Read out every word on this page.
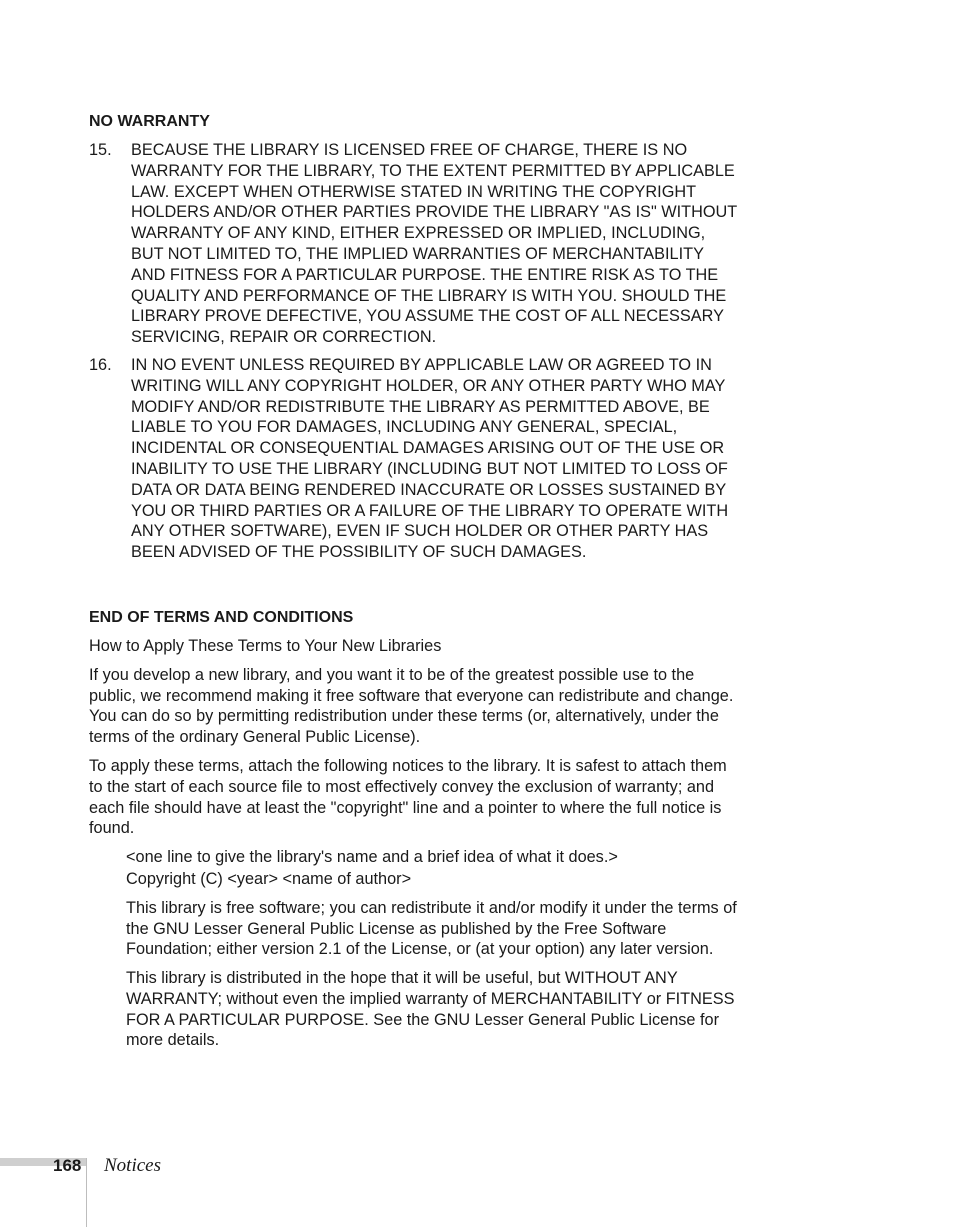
NO WARRANTY
15.	BECAUSE THE LIBRARY IS LICENSED FREE OF CHARGE, THERE IS NO WARRANTY FOR THE LIBRARY, TO THE EXTENT PERMITTED BY APPLICABLE LAW. EXCEPT WHEN OTHERWISE STATED IN WRITING THE COPYRIGHT HOLDERS AND/OR OTHER PARTIES PROVIDE THE LIBRARY "AS IS" WITHOUT WARRANTY OF ANY KIND, EITHER EXPRESSED OR IMPLIED, INCLUDING, BUT NOT LIMITED TO, THE IMPLIED WARRANTIES OF MERCHANTABILITY AND FITNESS FOR A PARTICULAR PURPOSE. THE ENTIRE RISK AS TO THE QUALITY AND PERFORMANCE OF THE LIBRARY IS WITH YOU. SHOULD THE LIBRARY PROVE DEFECTIVE, YOU ASSUME THE COST OF ALL NECESSARY SERVICING, REPAIR OR CORRECTION.
16.	IN NO EVENT UNLESS REQUIRED BY APPLICABLE LAW OR AGREED TO IN WRITING WILL ANY COPYRIGHT HOLDER, OR ANY OTHER PARTY WHO MAY MODIFY AND/OR REDISTRIBUTE THE LIBRARY AS PERMITTED ABOVE, BE LIABLE TO YOU FOR DAMAGES, INCLUDING ANY GENERAL, SPECIAL, INCIDENTAL OR CONSEQUENTIAL DAMAGES ARISING OUT OF THE USE OR INABILITY TO USE THE LIBRARY (INCLUDING BUT NOT LIMITED TO LOSS OF DATA OR DATA BEING RENDERED INACCURATE OR LOSSES SUSTAINED BY YOU OR THIRD PARTIES OR A FAILURE OF THE LIBRARY TO OPERATE WITH ANY OTHER SOFTWARE), EVEN IF SUCH HOLDER OR OTHER PARTY HAS BEEN ADVISED OF THE POSSIBILITY OF SUCH DAMAGES.
END OF TERMS AND CONDITIONS
How to Apply These Terms to Your New Libraries
If you develop a new library, and you want it to be of the greatest possible use to the public, we recommend making it free software that everyone can redistribute and change. You can do so by permitting redistribution under these terms (or, alternatively, under the terms of the ordinary General Public License).
To apply these terms, attach the following notices to the library. It is safest to attach them to the start of each source file to most effectively convey the exclusion of warranty; and each file should have at least the "copyright" line and a pointer to where the full notice is found.
<one line to give the library's name and a brief idea of what it does.>
Copyright (C) <year> <name of author>
This library is free software; you can redistribute it and/or modify it under the terms of the GNU Lesser General Public License as published by the Free Software Foundation; either version 2.1 of the License, or (at your option) any later version.
This library is distributed in the hope that it will be useful, but WITHOUT ANY WARRANTY; without even the implied warranty of MERCHANTABILITY or FITNESS FOR A PARTICULAR PURPOSE. See the GNU Lesser General Public License for more details.
168 Notices
